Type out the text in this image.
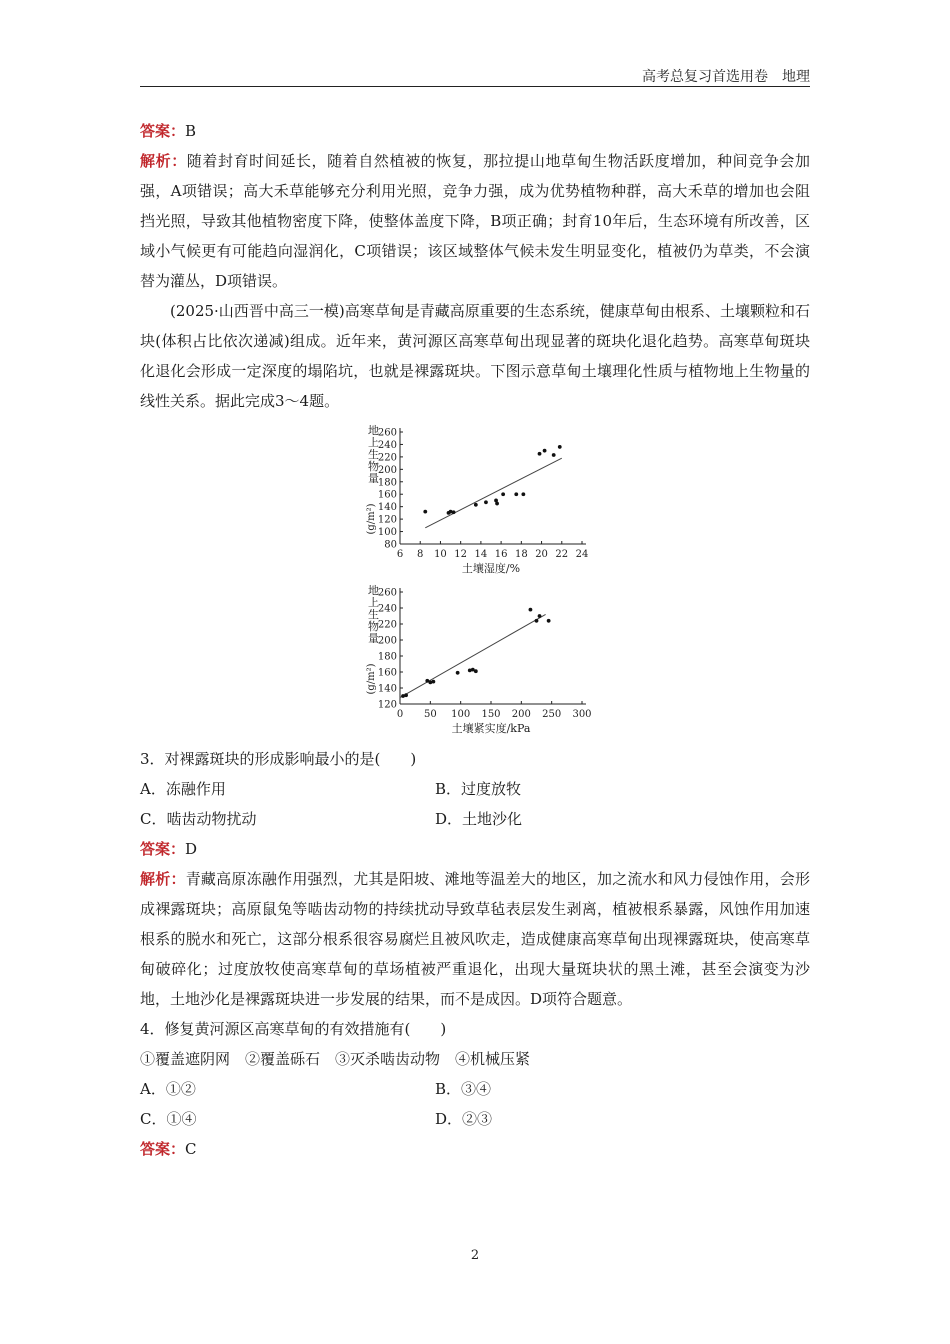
高考总复习首选用卷　地理

答案：B

解析：随着封育时间延长，随着自然植被的恢复，那拉提山地草甸生物活跃度增加，种间竞争会加强，A项错误；高大禾草能够充分利用光照，竞争力强，成为优势植物种群，高大禾草的增加也会阻挡光照，导致其他植物密度下降，使整体盖度下降，B项正确；封育10年后，生态环境有所改善，区域小气候更有可能趋向湿润化，C项错误；该区域整体气候未发生明显变化，植被仍为草类，不会演替为灌丛，D项错误。

(2025·山西晋中高三一模)高寒草甸是青藏高原重要的生态系统，健康草甸由根系、土壤颗粒和石块(体积占比依次递减)组成。近年来，黄河源区高寒草甸出现显著的斑块化退化趋势。高寒草甸斑块化退化会形成一定深度的塌陷坑，也就是裸露斑块。下图示意草甸土壤理化性质与植物地上生物量的线性关系。据此完成3～4题。

80
100
120
140
160
180
200
220
240
260
6 8 10 12 14 16 18 20 22 24
土壤湿度/%
地上生物量
(g/m²)
120
140
160
180
200
220
240
260
0 50 100 150 200 250 300
土壤紧实度/kPa
地上生物量
(g/m²)

3．对裸露斑块的形成影响最小的是(　　)

A．冻融作用	B．过度放牧
C．啮齿动物扰动	D．土地沙化

答案：D

解析：青藏高原冻融作用强烈，尤其是阳坡、滩地等温差大的地区，加之流水和风力侵蚀作用，会形成裸露斑块；高原鼠兔等啮齿动物的持续扰动导致草毡表层发生剥离，植被根系暴露，风蚀作用加速根系的脱水和死亡，这部分根系很容易腐烂且被风吹走，造成健康高寒草甸出现裸露斑块，使高寒草甸破碎化；过度放牧使高寒草甸的草场植被严重退化，出现大量斑块状的黑土滩，甚至会演变为沙地，土地沙化是裸露斑块进一步发展的结果，而不是成因。D项符合题意。

4．修复黄河源区高寒草甸的有效措施有(　　)

①覆盖遮阴网　②覆盖砾石　③灭杀啮齿动物　④机械压紧

A．①②	B．③④
C．①④	D．②③

答案：C

2
